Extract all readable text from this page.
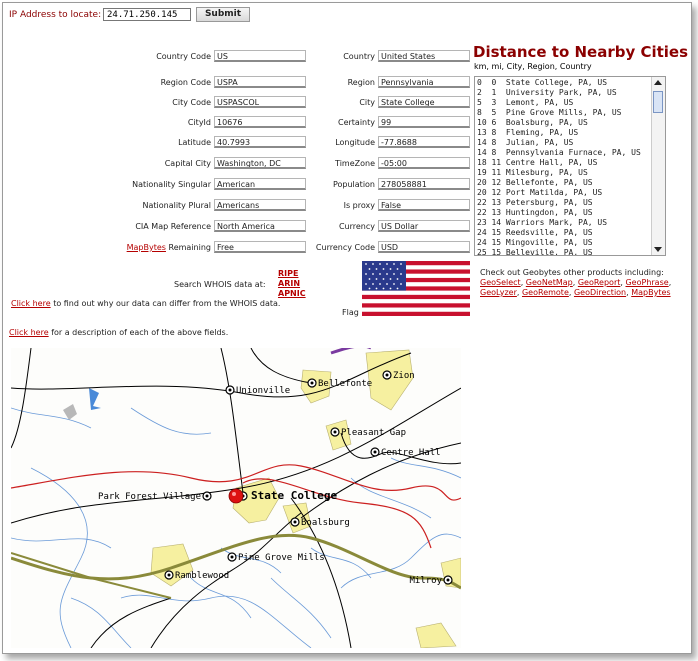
IP Address to locate:
24.71.250.145	Submit
Country Code US
Region Code USPA
City Code USPASCOL
CityId 10676
Latitude 40.7993
Capital City Washington, DC
Nationality Singular American
Nationality Plural Americans
CIA Map Reference North America
MapBytes Remaining Free
Country United States
Region Pennsylvania
City State College
Certainty 99
Longitude -77.8688
TimeZone -05:00
Population 278058881
Is proxy False
Currency US Dollar
Currency Code USD
Distance to Nearby Cities
km, mi, City, Region, Country
0  0  State College, PA, US
2  1  University Park, PA, US
5  3  Lemont, PA, US
8  5  Pine Grove Mills, PA, US
10 6  Boalsburg, PA, US
13 8  Fleming, PA, US
14 8  Julian, PA, US
14 8  Pennsylvania Furnace, PA, US
18 11 Centre Hall, PA, US
19 11 Milesburg, PA, US
20 12 Bellefonte, PA, US
20 12 Port Matilda, PA, US
22 13 Petersburg, PA, US
22 13 Huntingdon, PA, US
23 14 Warriors Mark, PA, US
24 15 Reedsville, PA, US
24 15 Mingoville, PA, US
25 15 Belleville, PA, US
Search WHOIS data at:
RIPE
ARIN
APNIC
Click here to find out why our data can differ from the WHOIS data.
Flag
Check out Geobytes other products including:
GeoSelect, GeoNetMap, GeoReport, GeoPhrase, GeoLyzer, GeoRemote, GeoDirection, MapBytes
Click here for a description of each of the above fields.
Unionville
Bellefonte
Zion
Pleasant Gap
Centre Hall
Park Forest Village	State College
Boalsburg
Pine Grove Mills
Ramblewood	Milroy
